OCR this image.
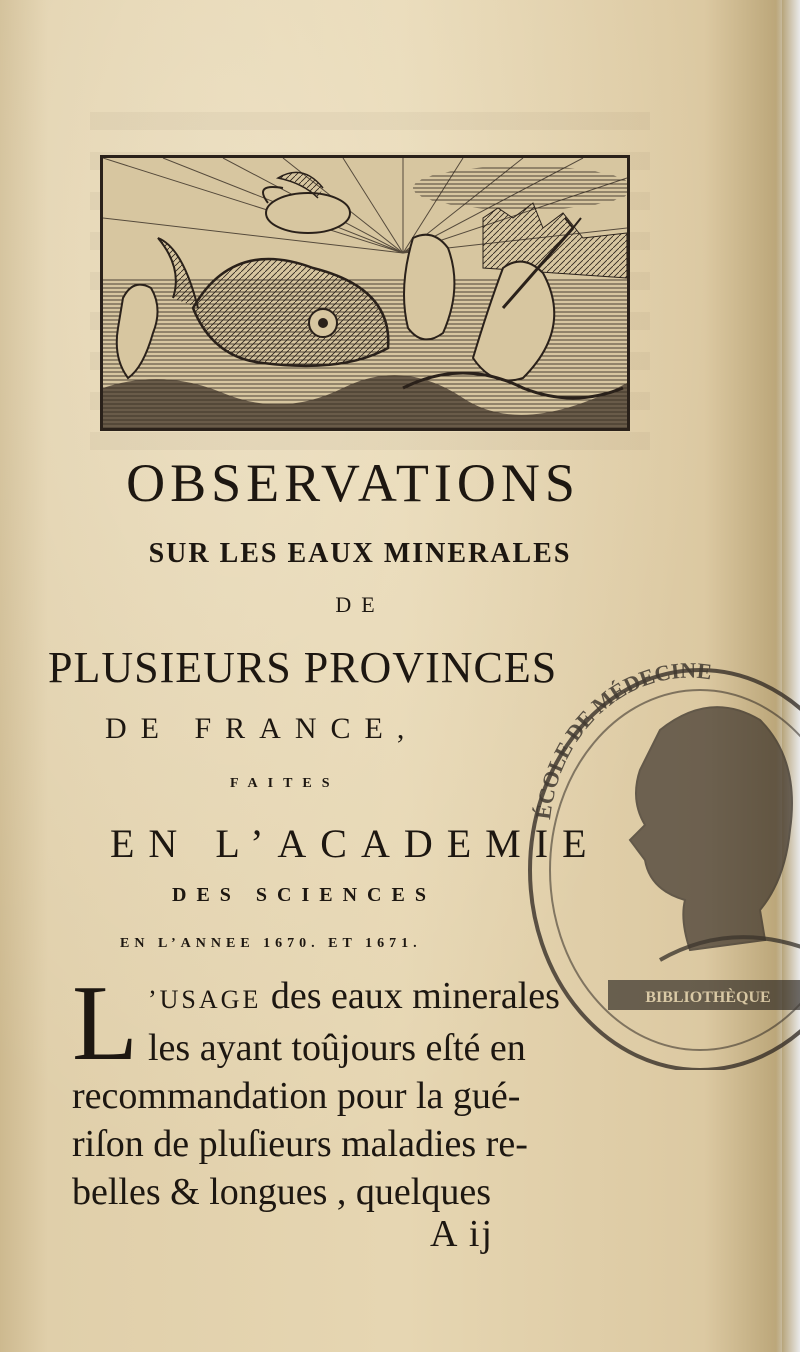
OBSERVATIONS
SUR LES EAUX MINERALES
DE
PLUSIEURS PROVINCES
DE FRANCE,
FAITES
EN L’ACADEMIE
DES SCIENCES
EN L’ANNEE 1670. ET 1671.
L ’USAGE des eaux minerales
les ayant toûjours eſté en
recommandation pour la gué-
riſon de pluſieurs maladies re-
belles & longues , quelques
A ij
ÉCOLE DE MÉDECINE
BIBLIOTHÈQUE
